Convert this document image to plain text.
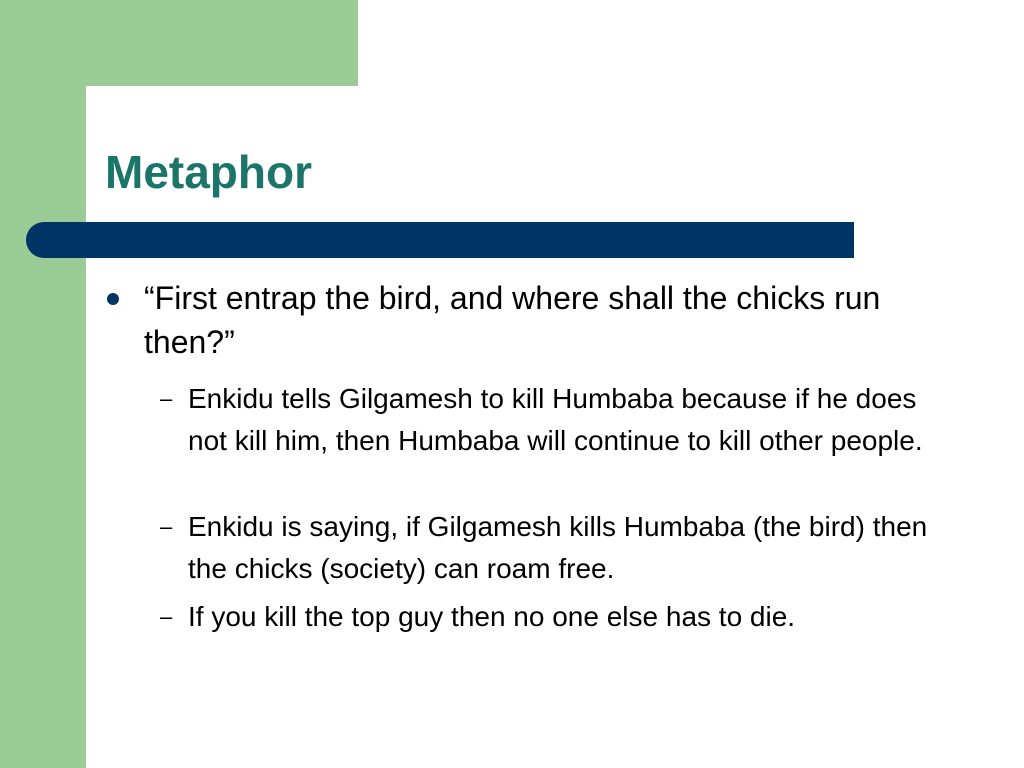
Metaphor

“First entrap the bird, and where shall the chicks run then?”

– Enkidu tells Gilgamesh to kill Humbaba because if he does not kill him, then Humbaba will continue to kill other people.

– Enkidu is saying, if Gilgamesh kills Humbaba (the bird) then the chicks (society) can roam free.

– If you kill the top guy then no one else has to die.
